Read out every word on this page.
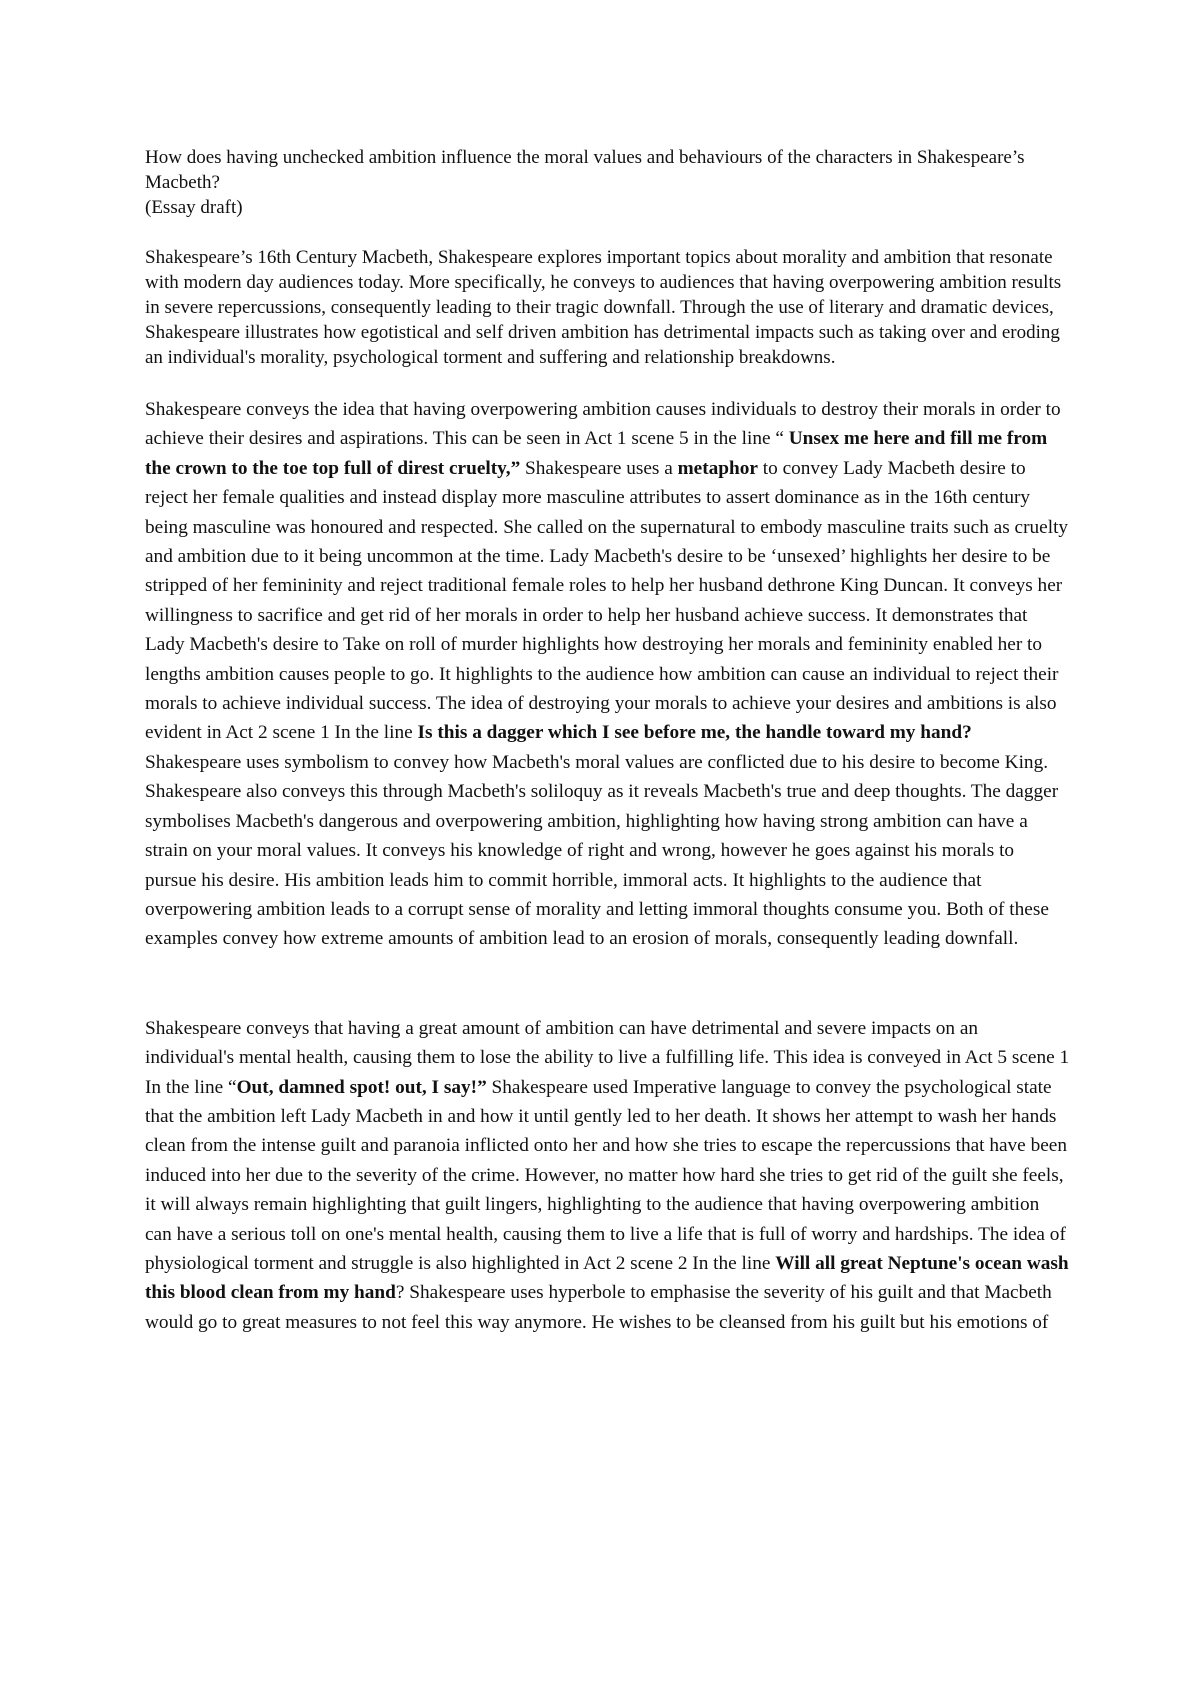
How does having unchecked ambition influence the moral values and behaviours of the characters in Shakespeare’s Macbeth?

(Essay draft)

Shakespeare’s 16th Century Macbeth, Shakespeare explores important topics about morality and ambition that resonate with modern day audiences today. More specifically, he conveys to audiences that having overpowering ambition results in severe repercussions, consequently leading to their tragic downfall. Through the use of literary and dramatic devices, Shakespeare illustrates how egotistical and self driven ambition has detrimental impacts such as taking over and eroding an individual's morality, psychological torment and suffering and relationship breakdowns.

Shakespeare conveys the idea that having overpowering ambition causes individuals to destroy their morals in order to achieve their desires and aspirations. This can be seen in Act 1 scene 5 in the line “ Unsex me here and fill me from the crown to the toe top full of direst cruelty,” Shakespeare uses a metaphor to convey Lady Macbeth desire to reject her female qualities and instead display more masculine attributes to assert dominance as in the 16th century being masculine was honoured and respected. She called on the supernatural to embody masculine traits such as cruelty and ambition due to it being uncommon at the time. Lady Macbeth's desire to be ‘unsexed’ highlights her desire to be stripped of her femininity and reject traditional female roles to help her husband dethrone King Duncan. It conveys her willingness to sacrifice and get rid of her morals in order to help her husband achieve success. It demonstrates that Lady Macbeth's desire to Take on roll of murder highlights how destroying her morals and femininity enabled her to lengths ambition causes people to go. It highlights to the audience how ambition can cause an individual to reject their morals to achieve individual success. The idea of destroying your morals to achieve your desires and ambitions is also evident in Act 2 scene 1 In the line Is this a dagger which I see before me, the handle toward my hand? Shakespeare uses symbolism to convey how Macbeth's moral values are conflicted due to his desire to become King. Shakespeare also conveys this through Macbeth's soliloquy as it reveals Macbeth's true and deep thoughts. The dagger symbolises Macbeth's dangerous and overpowering ambition, highlighting how having strong ambition can have a strain on your moral values. It conveys his knowledge of right and wrong, however he goes against his morals to pursue his desire. His ambition leads him to commit horrible, immoral acts. It highlights to the audience that overpowering ambition leads to a corrupt sense of morality and letting immoral thoughts consume you. Both of these examples convey how extreme amounts of ambition lead to an erosion of morals, consequently leading downfall.

Shakespeare conveys that having a great amount of ambition can have detrimental and severe impacts on an individual's mental health, causing them to lose the ability to live a fulfilling life. This idea is conveyed in Act 5 scene 1 In the line “Out, damned spot! out, I say!” Shakespeare used Imperative language to convey the psychological state that the ambition left Lady Macbeth in and how it until gently led to her death. It shows her attempt to wash her hands clean from the intense guilt and paranoia inflicted onto her and how she tries to escape the repercussions that have been induced into her due to the severity of the crime. However, no matter how hard she tries to get rid of the guilt she feels, it will always remain highlighting that guilt lingers, highlighting to the audience that having overpowering ambition can have a serious toll on one's mental health, causing them to live a life that is full of worry and hardships. The idea of physiological torment and struggle is also highlighted in Act 2 scene 2 In the line Will all great Neptune's ocean wash this blood clean from my hand? Shakespeare uses hyperbole to emphasise the severity of his guilt and that Macbeth would go to great measures to not feel this way anymore. He wishes to be cleansed from his guilt but his emotions of
